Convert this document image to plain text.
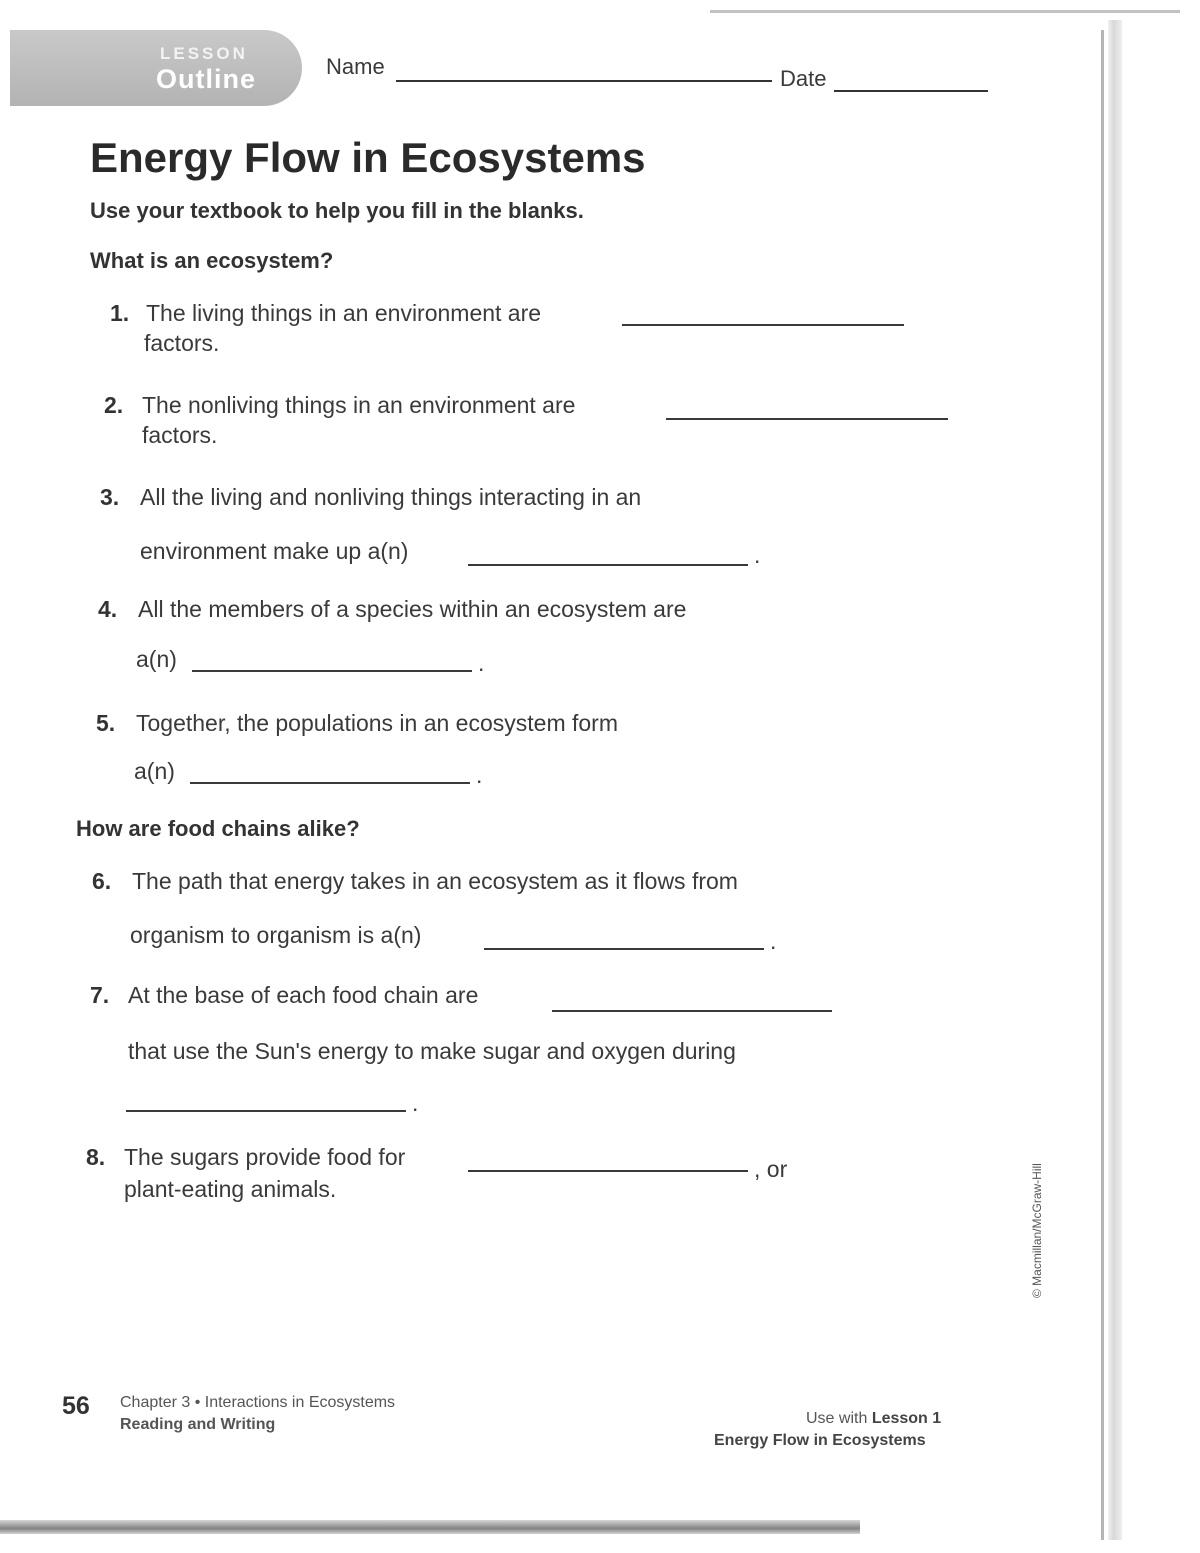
LESSON
Outline	Name	Date
Energy Flow in Ecosystems
Use your textbook to help you fill in the blanks.
What is an ecosystem?
1. The living things in an environment are
factors.
2. The nonliving things in an environment are
factors.
3. All the living and nonliving things interacting in an
environment make up a(n)	.
4. All the members of a species within an ecosystem are
a(n)	.
5. Together, the populations in an ecosystem form
a(n)	.
How are food chains alike?
6. The path that energy takes in an ecosystem as it flows from
organism to organism is a(n)	.
7. At the base of each food chain are
that use the Sun's energy to make sugar and oxygen during
.
8. The sugars provide food for	, or
plant-eating animals.	© Macmillan/McGraw-Hill
56 Chapter 3 • Interactions in Ecosystems
Reading and Writing	Use with Lesson 1
Energy Flow in Ecosystems
